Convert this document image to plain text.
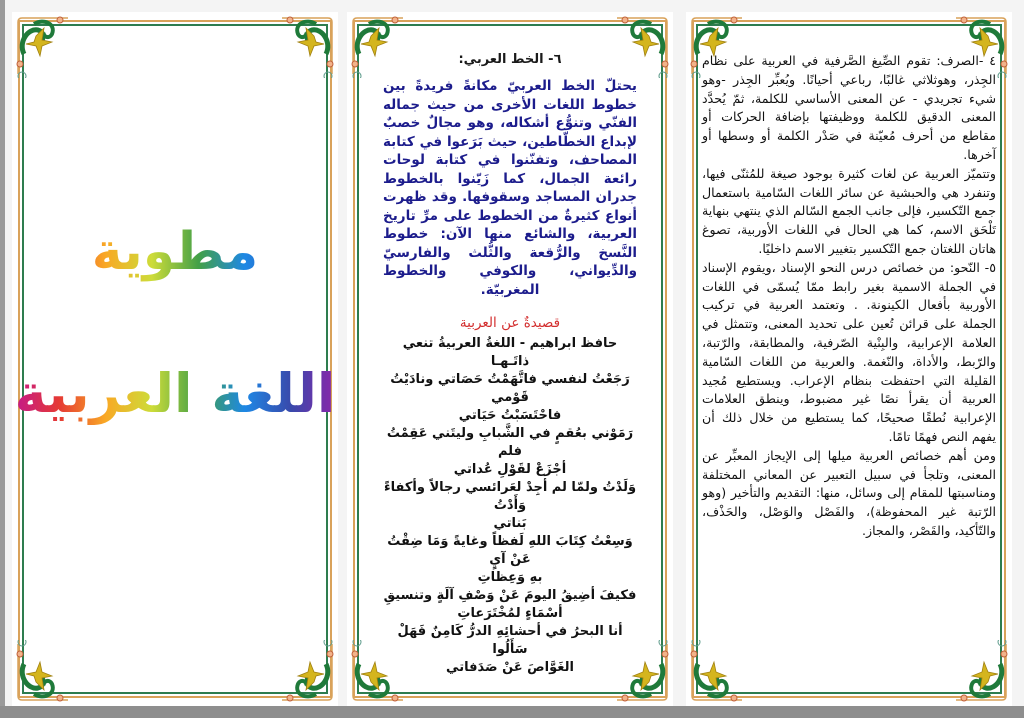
مطوية
اللغة العربية
٦- الخط العربي:

يحتلّ الخط العربيّ مكانةً فريدةً بين خطوط اللغات الأخرى من حيث جماله الفنّي وتنوُّع أشكاله، وهو مجالٌ خصبٌ لإبداع الخطّاطين، حيث بَرَعوا في كتابة المصاحف، وتفنّنوا في كتابة لوحات رائعة الجمال، كما زَيّنوا بالخطوط جدران المساجد وسقوفها. وقد ظهرت أنواع كثيرةٌ من الخطوط على مرِّ تاريخ العربية، والشائع منها الآن: خطوط النَّسخ والرُّقعة والثُّلث والفارسيّ والدِّيواني، والكوفي والخطوط المغربيّة.

قصيدةٌ عن العربية
حافظ ابراهيم - اللغةُ العربيةُ تنعي ذاتَـهـا
رَجَعْتُ لنفسي فاتَّهَمْتُ حَصَاتي ونادَيْتُ قَوْمي
فاحْتَسَبْتُ حَيَاتي
رَمَوْني بعُقمٍ في الشَّبابِ وليتَني عَقِمْتُ فلم
أجْزَعْ لقَوْلِ عُداتي
وَلَدْتُ ولمّا لم أجِدْ لعَرائسي رجالاً وأكفاءً وَأَدْتُ
بَناتي
وَسِعْتُ كِتَابَ اللهِ لَفظاً وغايةً وَمَا ضِقْتُ عَنْ آيٍ
بهِ وَعِظاتِ
فكيفَ أضِيقُ اليومَ عَنْ وَصْفِ آلَةٍ وتنسيقِ
أسْمَاءٍ لمُخْتَرَعاتِ
أنا البحرُ في أحشائِهِ الدرُّ كَامِنٌ فَهَلْ سَأَلُوا
الغَوَّاصَ عَنْ صَدَفاتي

٤ -الصرف: تقوم الصِّيغ الصَّرفية في العربية على نظام الجِذر، وهوثلاثي غالبًا، رباعي أحيانًا. ويُعبِّر الجِذر -وهو شيء تجريدي - عن المعنى الأساسي للكلمة، ثمّ يُحدَّد المعنى الدقيق للكلمة ووظيفتها بإضافة الحركات أو مقاطع من أحرف مُعيّنة في صَدْر الكلمة أو وسطها أو آخرها.

وتتميّز العربية عن لغات كثيرة بوجود صيغة للمُثنّى فيها، وتنفرد هي والحبشية عن سائر اللغات السّامية باستعمال جمع التّكسير، فإلى جانب الجمع السّالم الذي ينتهي بنهاية تَلْحَق الاسم، كما هي الحال في اللغات الأوربية، تصوغ هاتان اللغتان جمع التّكسير بتغيير الاسم داخليًا.

٥- النّحو: من خصائص درس النحو الإسناد ،ويقوم الإسناد في الجملة الاسمية بغير رابط ممّا يُسمّى في اللغات الأوربية بأفعال الكينونة. . وتعتمد العربية في تركيب الجملة على قرائن تُعين على تحديد المعنى، وتتمثل في العلامة الإعرابية، والبِنْية الصّرفية، والمطابقة، والرّتبة، والرّبط، والأداة، والنّغمة. والعربية من اللغات السّامية القليلة التي احتفظت بنظام الإعراب. ويستطيع مُجيد العربية أن يقرأ نصًا غير مضبوط، وينطق العلامات الإعرابية نُطقًا صحيحًا، كما يستطيع من خلال ذلك أن يفهم النص فهمًا تامًا.

ومن أهم خصائص العربية ميلها إلى الإيجاز المعبِّر عن المعنى، وتلجأ في سبيل التعبير عن المعاني المختلفة ومناسبتها للمقام إلى وسائل، منها: التقديم والتأخير (وهو الرّتبة غير المحفوظة)، والفَصْل والوَصْل، والحَذْف، والتّأكيد، والقَصْر، والمجاز.
